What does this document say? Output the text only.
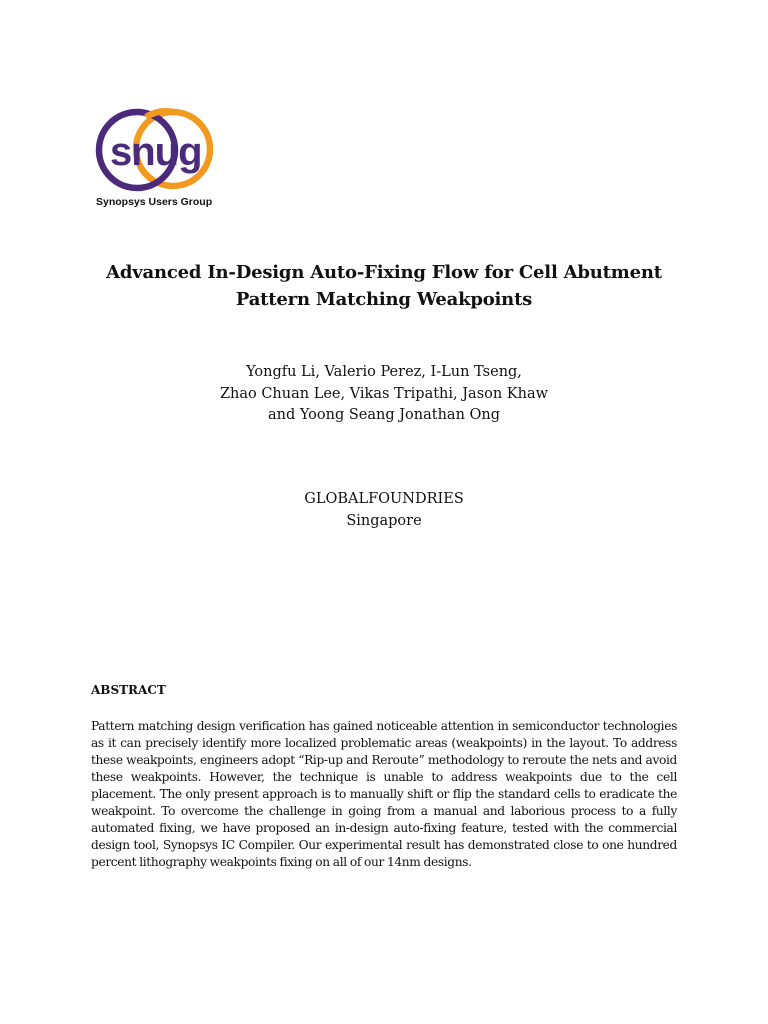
snug
Synopsys Users Group
Advanced In-Design Auto-Fixing Flow for Cell Abutment
Pattern Matching Weakpoints
Yongfu Li, Valerio Perez, I-Lun Tseng,
Zhao Chuan Lee, Vikas Tripathi, Jason Khaw
and Yoong Seang Jonathan Ong
GLOBALFOUNDRIES
Singapore
ABSTRACT
Pattern matching design verification has gained noticeable attention in semiconductor technologies as it can precisely identify more localized problematic areas (weakpoints) in the layout. To address these weakpoints, engineers adopt “Rip-up and Reroute” methodology to reroute the nets and avoid these weakpoints. However, the technique is unable to address weakpoints due to the cell placement. The only present approach is to manually shift or flip the standard cells to eradicate the weakpoint. To overcome the challenge in going from a manual and laborious process to a fully automated fixing, we have proposed an in-design auto-fixing feature, tested with the commercial design tool, Synopsys IC Compiler. Our experimental result has demonstrated close to one hundred percent lithography weakpoints fixing on all of our 14nm designs.
